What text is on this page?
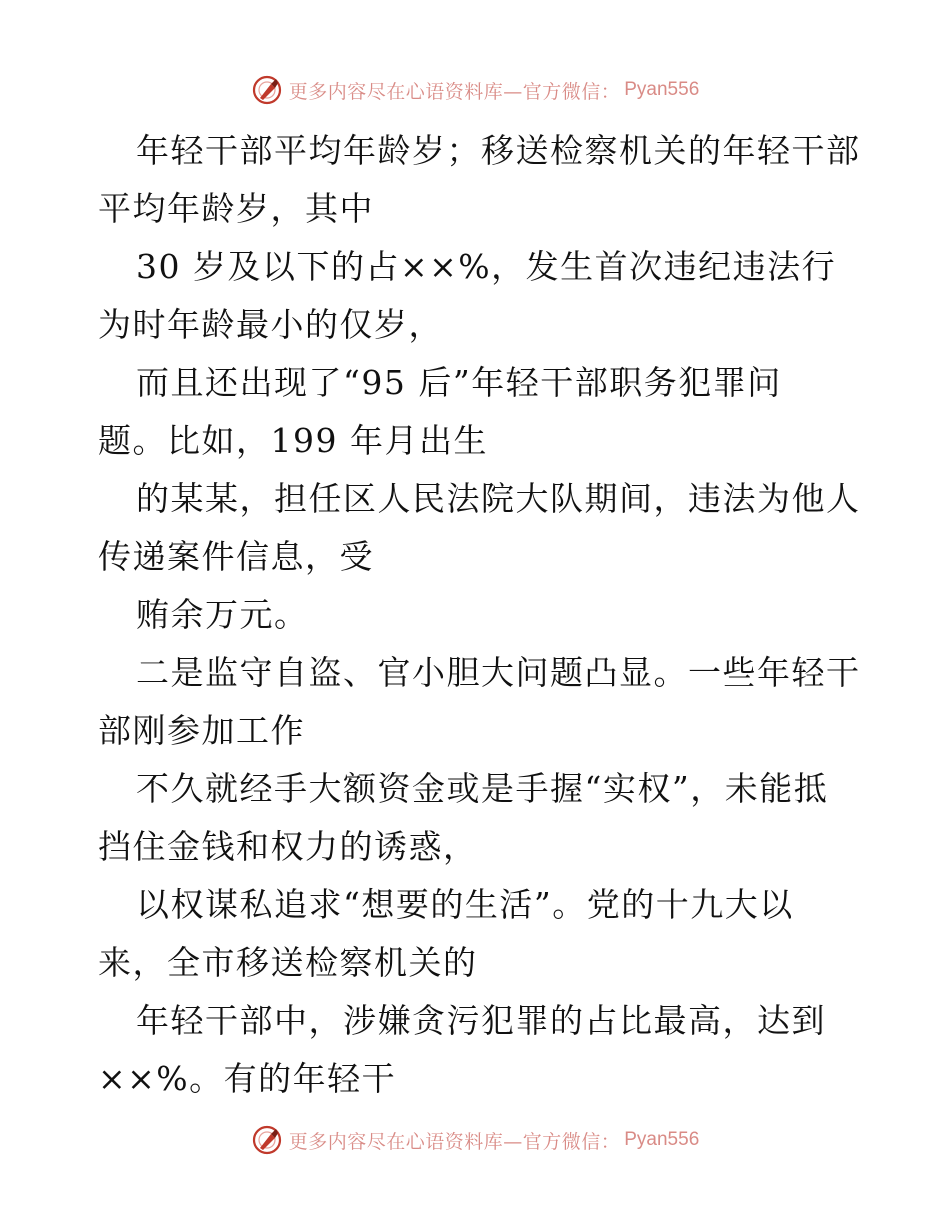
更多内容尽在心语资料库—官方微信： Pyan556
年轻干部平均年龄岁；移送检察机关的年轻干部
平均年龄岁，其中
30 岁及以下的占××%，发生首次违纪违法行
为时年龄最小的仅岁，
而且还出现了“95 后”年轻干部职务犯罪问
题。比如，199 年月出生
的某某，担任区人民法院大队期间，违法为他人
传递案件信息，受
贿余万元。
二是监守自盗、官小胆大问题凸显。一些年轻干
部刚参加工作
不久就经手大额资金或是手握“实权”，未能抵
挡住金钱和权力的诱惑，
以权谋私追求“想要的生活”。党的十九大以
来，全市移送检察机关的
年轻干部中，涉嫌贪污犯罪的占比最高，达到
××%。有的年轻干
更多内容尽在心语资料库—官方微信： Pyan556
